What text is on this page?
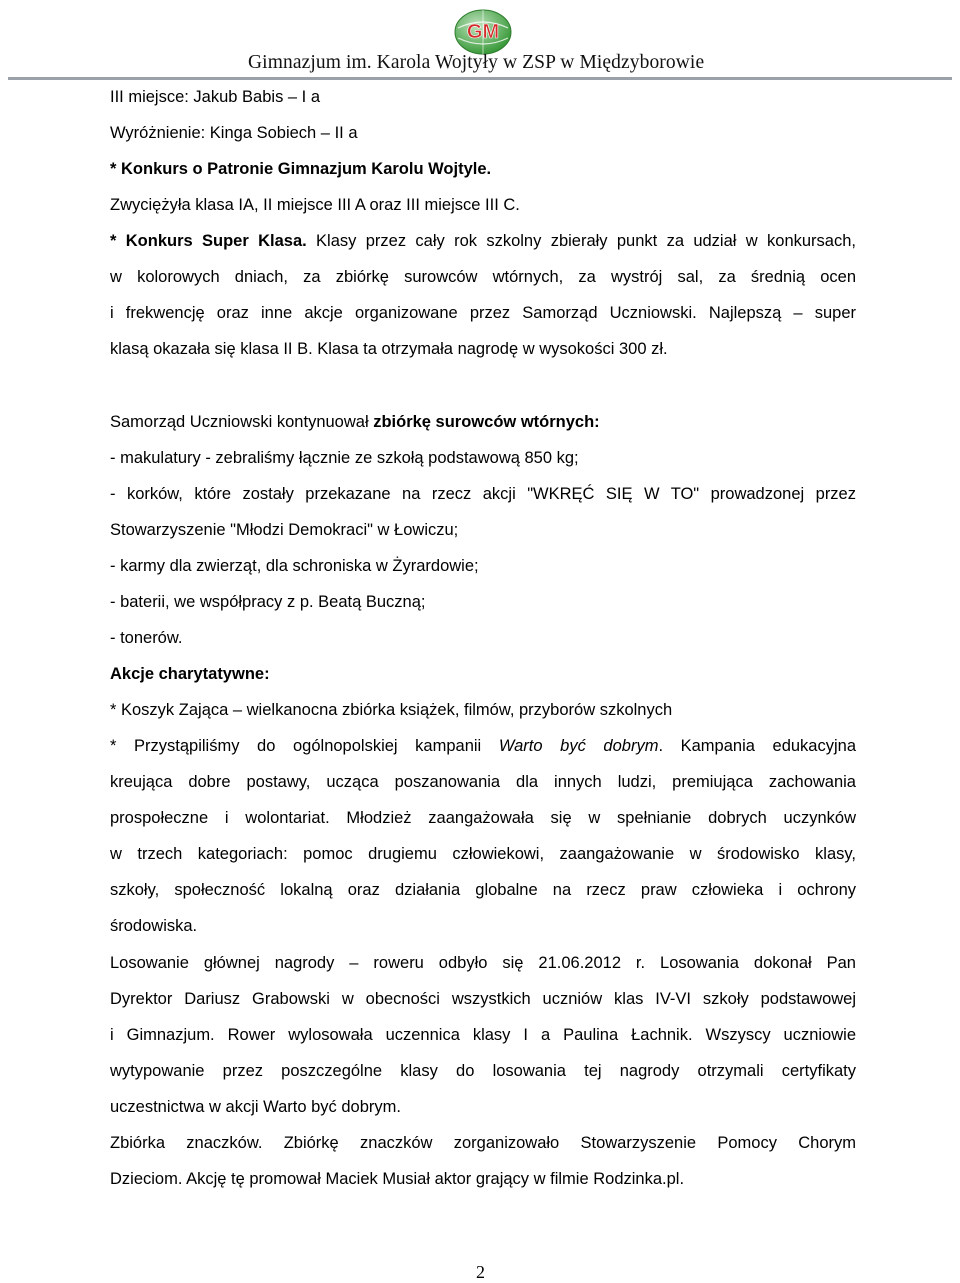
GM
Gimnazjum im. Karola Wojtyły w ZSP w Międzyborowie
III miejsce: Jakub Babis – I a
Wyróżnienie: Kinga Sobiech – II a
* Konkurs o Patronie Gimnazjum Karolu Wojtyle.
Zwyciężyła klasa IA, II miejsce III A oraz III miejsce III C.
* Konkurs Super Klasa. Klasy przez cały rok szkolny zbierały punkt za udział w konkursach,
w kolorowych dniach, za zbiórkę surowców wtórnych, za wystrój sal, za średnią ocen
i frekwencję oraz inne akcje organizowane przez Samorząd Uczniowski. Najlepszą – super
klasą okazała się klasa II B. Klasa ta otrzymała nagrodę w wysokości 300 zł.
Samorząd Uczniowski kontynuował zbiórkę surowców wtórnych:
- makulatury - zebraliśmy łącznie ze szkołą podstawową 850 kg;
- korków, które zostały przekazane na rzecz akcji "WKRĘĆ SIĘ W TO" prowadzonej przez
Stowarzyszenie "Młodzi Demokraci" w Łowiczu;
- karmy dla zwierząt, dla schroniska w Żyrardowie;
- baterii, we współpracy z p. Beatą Buczną;
- tonerów.
Akcje charytatywne:
* Koszyk Zająca – wielkanocna zbiórka książek, filmów, przyborów szkolnych
* Przystąpiliśmy do ogólnopolskiej kampanii Warto być dobrym. Kampania edukacyjna
kreująca dobre postawy, ucząca poszanowania dla innych ludzi, premiująca zachowania
prospołeczne i wolontariat. Młodzież zaangażowała się w spełnianie dobrych uczynków
w trzech kategoriach: pomoc drugiemu człowiekowi, zaangażowanie w środowisko klasy,
szkoły, społeczność lokalną oraz działania globalne na rzecz praw człowieka i ochrony
środowiska.
Losowanie głównej nagrody – roweru odbyło się 21.06.2012 r. Losowania dokonał Pan
Dyrektor Dariusz Grabowski w obecności wszystkich uczniów klas IV-VI szkoły podstawowej
i Gimnazjum. Rower wylosowała uczennica klasy I a Paulina Łachnik. Wszyscy uczniowie
wytypowanie przez poszczególne klasy do losowania tej nagrody otrzymali certyfikaty
uczestnictwa w akcji Warto być dobrym.
Zbiórka znaczków. Zbiórkę znaczków zorganizowało Stowarzyszenie Pomocy Chorym
Dzieciom. Akcję tę promował Maciek Musiał aktor grający w filmie Rodzinka.pl.
2
